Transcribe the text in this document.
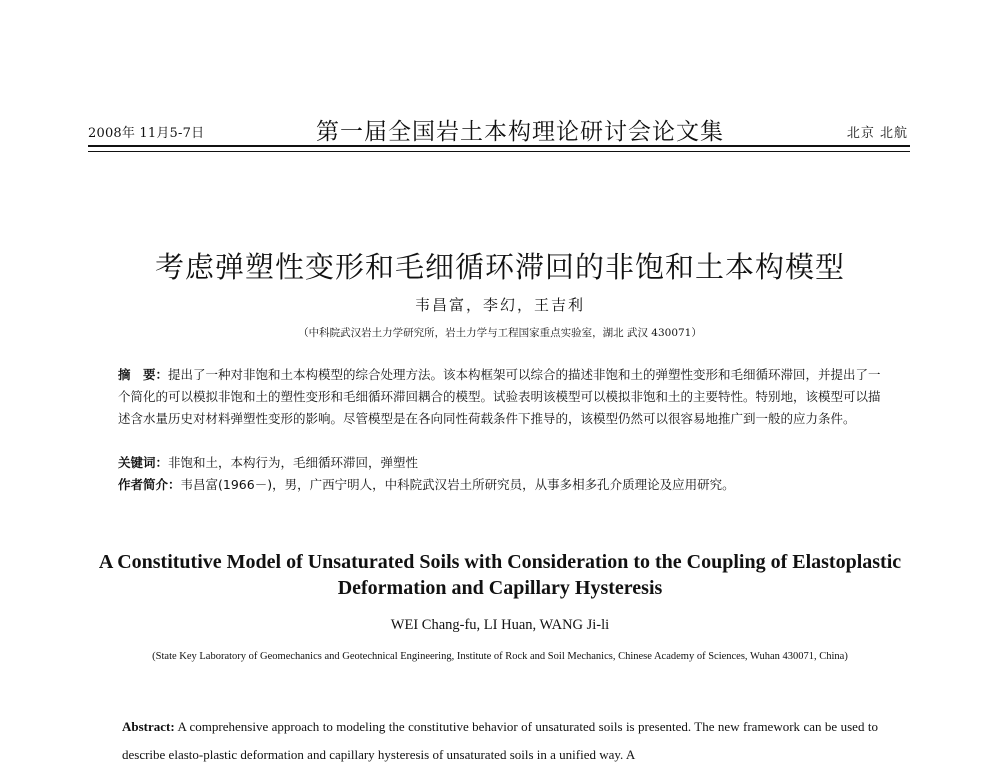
2008年 11月5-7日	第一届全国岩土本构理论研讨会论文集	北京 北航
考虑弹塑性变形和毛细循环滞回的非饱和土本构模型
韦昌富，李幻，王吉利
（中科院武汉岩土力学研究所，岩土力学与工程国家重点实验室，湖北 武汉 430071）
摘　要：提出了一种对非饱和土本构模型的综合处理方法。该本构框架可以综合的描述非饱和土的弹塑性变形和毛细循环滞回，并提出了一个简化的可以模拟非饱和土的塑性变形和毛细循环滞回耦合的模型。试验表明该模型可以模拟非饱和土的主要特性。特别地，该模型可以描述含水量历史对材料弹塑性变形的影响。尽管模型是在各向同性荷载条件下推导的，该模型仍然可以很容易地推广到一般的应力条件。
关键词：非饱和土，本构行为，毛细循环滞回，弹塑性
作者简介：韦昌富(1966－)，男，广西宁明人，中科院武汉岩土所研究员，从事多相多孔介质理论及应用研究。
A Constitutive Model of Unsaturated Soils with Consideration to the Coupling of Elastoplastic Deformation and Capillary Hysteresis
WEI Chang-fu, LI Huan, WANG Ji-li
(State Key Laboratory of Geomechanics and Geotechnical Engineering, Institute of Rock and Soil Mechanics, Chinese Academy of Sciences, Wuhan 430071, China)
Abstract: A comprehensive approach to modeling the constitutive behavior of unsaturated soils is presented. The new framework can be used to describe elasto-plastic deformation and capillary hysteresis of unsaturated soils in a unified way. A
